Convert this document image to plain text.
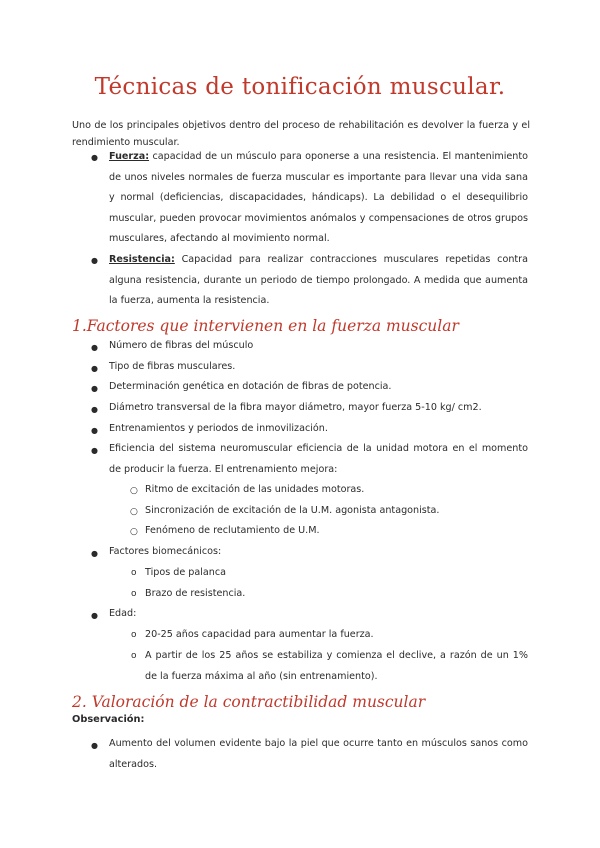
Técnicas de tonificación muscular.

Uno de los principales objetivos dentro del proceso de rehabilitación es devolver la fuerza y el rendimiento muscular.

● Fuerza: capacidad de un músculo para oponerse a una resistencia. El mantenimiento de unos niveles normales de fuerza muscular es importante para llevar una vida sana y normal (deficiencias, discapacidades, hándicaps). La debilidad o el desequilibrio muscular, pueden provocar movimientos anómalos y compensaciones de otros grupos musculares, afectando al movimiento normal.

● Resistencia: Capacidad para realizar contracciones musculares repetidas contra alguna resistencia, durante un periodo de tiempo prolongado. A medida que aumenta la fuerza, aumenta la resistencia.

1.Factores que intervienen en la fuerza muscular
● Número de fibras del músculo
● Tipo de fibras musculares.
● Determinación genética en dotación de fibras de potencia.
● Diámetro transversal de la fibra mayor diámetro, mayor fuerza 5-10 kg/ cm2.
● Entrenamientos y periodos de inmovilización.
● Eficiencia del sistema neuromuscular eficiencia de la unidad motora en el momento de producir la fuerza. El entrenamiento mejora:
○ Ritmo de excitación de las unidades motoras.
○ Sincronización de excitación de la U.M. agonista antagonista.
○ Fenómeno de reclutamiento de U.M.
● Factores biomecánicos:
o Tipos de palanca
o Brazo de resistencia.
● Edad:
o 20-25 años capacidad para aumentar la fuerza.
o A partir de los 25 años se estabiliza y comienza el declive, a razón de un 1% de la fuerza máxima al año (sin entrenamiento).
2. Valoración de la contractibilidad muscular
Observación:
● Aumento del volumen evidente bajo la piel que ocurre tanto en músculos sanos como alterados.
